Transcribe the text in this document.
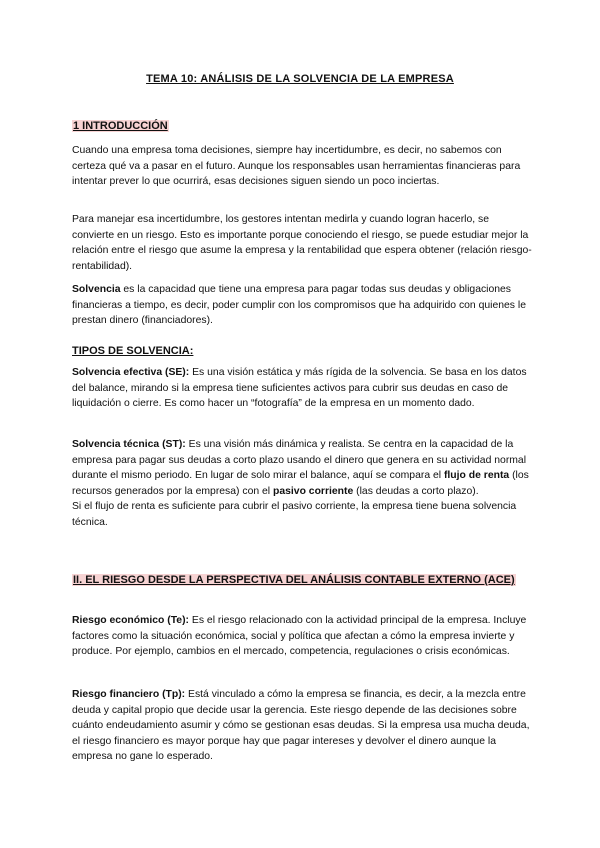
TEMA 10: ANÁLISIS DE LA SOLVENCIA DE LA EMPRESA
1 INTRODUCCIÓN

Cuando una empresa toma decisiones, siempre hay incertidumbre, es decir, no sabemos con certeza qué va a pasar en el futuro. Aunque los responsables usan herramientas financieras para intentar prever lo que ocurrirá, esas decisiones siguen siendo un poco inciertas.

Para manejar esa incertidumbre, los gestores intentan medirla y cuando logran hacerlo, se convierte en un riesgo. Esto es importante porque conociendo el riesgo, se puede estudiar mejor la relación entre el riesgo que asume la empresa y la rentabilidad que espera obtener (relación riesgo-rentabilidad).

Solvencia es la capacidad que tiene una empresa para pagar todas sus deudas y obligaciones financieras a tiempo, es decir, poder cumplir con los compromisos que ha adquirido con quienes le prestan dinero (financiadores).

TIPOS DE SOLVENCIA:

Solvencia efectiva (SE): Es una visión estática y más rígida de la solvencia. Se basa en los datos del balance, mirando si la empresa tiene suficientes activos para cubrir sus deudas en caso de liquidación o cierre. Es como hacer un “fotografía” de la empresa en un momento dado.

Solvencia técnica (ST): Es una visión más dinámica y realista. Se centra en la capacidad de la empresa para pagar sus deudas a corto plazo usando el dinero que genera en su actividad normal durante el mismo periodo. En lugar de solo mirar el balance, aquí se compara el flujo de renta (los recursos generados por la empresa) con el pasivo corriente (las deudas a corto plazo).

Si el flujo de renta es suficiente para cubrir el pasivo corriente, la empresa tiene buena solvencia técnica.

II. EL RIESGO DESDE LA PERSPECTIVA DEL ANÁLISIS CONTABLE EXTERNO (ACE)

Riesgo económico (Te): Es el riesgo relacionado con la actividad principal de la empresa. Incluye factores como la situación económica, social y política que afectan a cómo la empresa invierte y produce. Por ejemplo, cambios en el mercado, competencia, regulaciones o crisis económicas.

Riesgo financiero (Tp): Está vinculado a cómo la empresa se financia, es decir, a la mezcla entre deuda y capital propio que decide usar la gerencia. Este riesgo depende de las decisiones sobre cuánto endeudamiento asumir y cómo se gestionan esas deudas. Si la empresa usa mucha deuda, el riesgo financiero es mayor porque hay que pagar intereses y devolver el dinero aunque la empresa no gane lo esperado.
